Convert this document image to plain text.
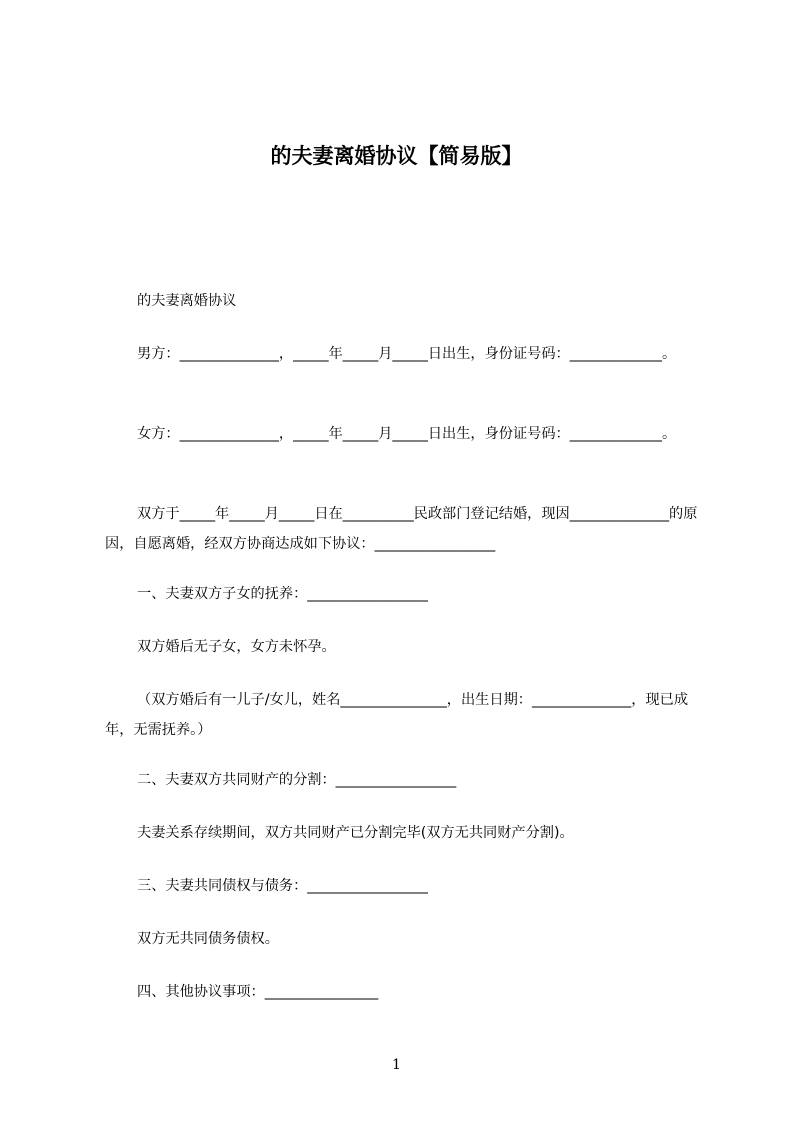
的夫妻离婚协议【简易版】
的夫妻离婚协议
男方：______________，_____年_____月_____日出生，身份证号码：_____________。
女方：______________，_____年_____月_____日出生，身份证号码：_____________。
双方于_____年_____月_____日在__________民政部门登记结婚，现因______________的原因，自愿离婚，经双方协商达成如下协议：_________________
一、夫妻双方子女的抚养：_________________
双方婚后无子女，女方未怀孕。
（双方婚后有一儿子/女儿，姓名_______________，出生日期：______________，现已成年，无需抚养。）
二、夫妻双方共同财产的分割：_________________
夫妻关系存续期间，双方共同财产已分割完毕(双方无共同财产分割)。
三、夫妻共同债权与债务：_________________
双方无共同债务债权。
四、其他协议事项：________________
1
